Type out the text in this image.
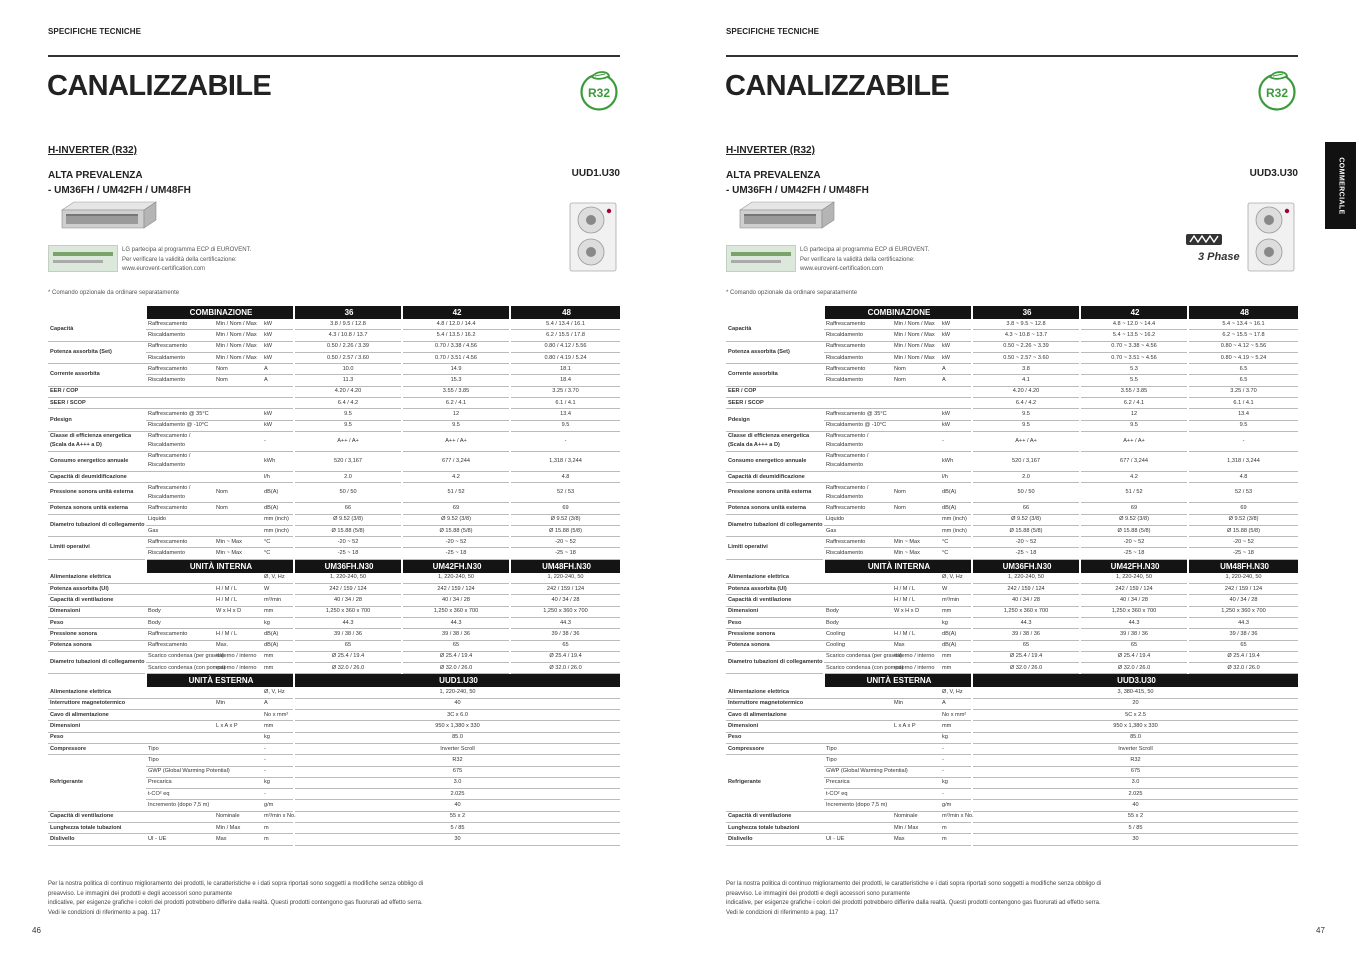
SPECIFICHE TECNICHE
CANALIZZABILE	R32
H-INVERTER (R32)
ALTA PREVALENZA
- UM36FH / UM42FH / UM48FH
UUD1.U30
LG partecipa al programma ECP di EUROVENT.
Per verificare la validità della certificazione:
www.eurovent-certification.com
* Comando opzionale da ordinare separatamente
	COMBINAZIONE			36	42	48
Capacità	Raffrescamento	Min / Nom / Max	kW	3.8 / 9.5 / 12.8	4.8 / 12.0 / 14.4	5.4 / 13.4 / 16.1
	Riscaldamento	Min / Nom / Max	kW	4.3 / 10.8 / 13.7	5.4 / 13.5 / 16.2	6.2 / 15.5 / 17.8
Potenza assorbita (Set)	Raffrescamento	Min / Nom / Max	kW	0.50 / 2.26 / 3.39	0.70 / 3.38 / 4.56	0.80 / 4.12 / 5.56
	Riscaldamento	Min / Nom / Max	kW	0.50 / 2.57 / 3.60	0.70 / 3.51 / 4.56	0.80 / 4.19 / 5.24
Corrente assorbita	Raffrescamento	Nom	A	10.0	14.9	18.1
	Riscaldamento	Nom	A	11.3	15.3	18.4
EER / COP				4.20 / 4.20	3.55 / 3.85	3.25 / 3.70
SEER / SCOP				6.4 / 4.2	6.2 / 4.1	6.1 / 4.1
Pdesign	Raffrescamento @ 35°C		kW	9.5	12	13.4
	Riscaldamento @ -10°C		kW	9.5	9.5	9.5
Classe di efficienza energetica (Scala da A+++ a D)	Raffrescamento / Riscaldamento		-	A++ / A+	A++ / A+	-
Consumo energetico annuale	Raffrescamento / Riscaldamento		kWh	520 / 3,167	677 / 3,244	1,318 / 3,244
Capacità di deumidificazione			l/h	2.0	4.2	4.8
Pressione sonora unità esterna	Raffrescamento / Riscaldamento	Nom	dB(A)	50 / 50	51 / 52	52 / 53
Potenza sonora unità esterna	Raffrescamento	Nom	dB(A)	66	69	69
Diametro tubazioni di collegamento	Liquido		mm (inch)	Ø 9.52 (3/8)	Ø 9.52 (3/8)	Ø 9.52 (3/8)
	Gas		mm (inch)	Ø 15.88 (5/8)	Ø 15.88 (5/8)	Ø 15.88 (5/8)
Limiti operativi	Raffrescamento	Min ~ Max	°C	-20 ~ 52	-20 ~ 52	-20 ~ 52
	Riscaldamento	Min ~ Max	°C	-25 ~ 18	-25 ~ 18	-25 ~ 18
	UNITÀ INTERNA			UM36FH.N30	UM42FH.N30	UM48FH.N30
Alimentazione elettrica			Ø, V, Hz	1, 220-240, 50	1, 220-240, 50	1, 220-240, 50
Potenza assorbita (UI)		H / M / L	W	242 / 159 / 124	242 / 159 / 124	242 / 159 / 124
Capacità di ventilazione		H / M / L	m³/min	40 / 34 / 28	40 / 34 / 28	40 / 34 / 28
Dimensioni	Body	W x H x D	mm	1,250 x 360 x 700	1,250 x 360 x 700	1,250 x 360 x 700
Peso	Body		kg	44.3	44.3	44.3
Pressione sonora	Raffrescamento	H / M / L	dB(A)	39 / 38 / 36	39 / 38 / 36	39 / 38 / 36
Potenza sonora	Raffrescamento	Max.	dB(A)	65	65	65
Diametro tubazioni di collegamento	Scarico condensa (per gravità)	esterno / interno	mm	Ø 25.4 / 19.4	Ø 25.4 / 19.4	Ø 25.4 / 19.4
	Scarico condensa (con pompa)	esterno / interno	mm	Ø 32.0 / 26.0	Ø 32.0 / 26.0	Ø 32.0 / 26.0
	UNITÀ ESTERNA			UUD1.U30		
Alimentazione elettrica			Ø, V, Hz	1, 220-240, 50		
Interruttore magnetotermico		Min	A	40		
Cavo di alimentazione			No x mm²	3C x 6.0		
Dimensioni		L x A x P	mm	950 x 1,380 x 330		
Peso			kg	85.0		
Compressore	Tipo		-	Inverter Scroll		
Refrigerante	Tipo		-	R32		
	GWP (Global Warming Potential)		-	675		
	Precarica		kg	3.0		
	t-CO² eq		-	2.025		
	Incremento (dopo 7,5 m)		g/m	40		
Capacità di ventilazione		Nominale	m³/min x No.	55 x 2		
Lunghezza totale tubazioni		Min / Max	m	5 / 85		
Dislivello	UI - UE	Max	m	30		
Per la nostra politica di continuo miglioramento dei prodotti, le caratteristiche e i dati sopra riportati sono soggetti a modifiche senza obbligo di
preavviso. Le immagini dei prodotti e degli accessori sono puramente
indicative, per esigenze grafiche i colori dei prodotti potrebbero differire dalla realtà. Questi prodotti contengono gas fluorurati ad effetto serra.
Vedi le condizioni di riferimento a pag. 117
46
SPECIFICHE TECNICHE
CANALIZZABILE	R32
H-INVERTER (R32)
ALTA PREVALENZA
- UM36FH / UM42FH / UM48FH
UUD3.U30
LG partecipa al programma ECP di EUROVENT.
Per verificare la validità della certificazione:
www.eurovent-certification.com
* Comando opzionale da ordinare separatamente
	COMBINAZIONE			36	42	48
Capacità	Raffrescamento	Min / Nom / Max	kW	3.8 ~ 9.5 ~ 12.8	4.8 ~ 12.0 ~ 14.4	5.4 ~ 13.4 ~ 16.1
	Riscaldamento	Min / Nom / Max	kW	4.3 ~ 10.8 ~ 13.7	5.4 ~ 13.5 ~ 16.2	6.2 ~ 15.5 ~ 17.8
Potenza assorbita (Set)	Raffrescamento	Min / Nom / Max	kW	0.50 ~ 2.26 ~ 3.39	0.70 ~ 3.38 ~ 4.56	0.80 ~ 4.12 ~ 5.56
	Riscaldamento	Min / Nom / Max	kW	0.50 ~ 2.57 ~ 3.60	0.70 ~ 3.51 ~ 4.56	0.80 ~ 4.19 ~ 5.24
Corrente assorbita	Raffrescamento	Nom	A	3.8	5.3	6.5
	Riscaldamento	Nom	A	4.1	5.5	6.5
EER / COP				4.20 / 4.20	3.55 / 3.85	3.25 / 3.70
SEER / SCOP				6.4 / 4.2	6.2 / 4.1	6.1 / 4.1
Pdesign	Raffrescamento @ 35°C		kW	9.5	12	13.4
	Riscaldamento @ -10°C		kW	9.5	9.5	9.5
Classe di efficienza energetica (Scala da A+++ a D)	Raffrescamento / Riscaldamento		-	A++ / A+	A++ / A+	-
Consumo energetico annuale	Raffrescamento / Riscaldamento		kWh	520 / 3,167	677 / 3,244	1,318 / 3,244
Capacità di deumidificazione			l/h	2.0	4.2	4.8
Pressione sonora unità esterna	Raffrescamento / Riscaldamento	Nom	dB(A)	50 / 50	51 / 52	52 / 53
Potenza sonora unità esterna	Raffrescamento	Nom	dB(A)	66	69	69
Diametro tubazioni di collegamento	Liquido		mm (inch)	Ø 9.52 (3/8)	Ø 9.52 (3/8)	Ø 9.52 (3/8)
	Gas		mm (inch)	Ø 15.88 (5/8)	Ø 15.88 (5/8)	Ø 15.88 (5/8)
Limiti operativi	Raffrescamento	Min ~ Max	°C	-20 ~ 52	-20 ~ 52	-20 ~ 52
	Riscaldamento	Min ~ Max	°C	-25 ~ 18	-25 ~ 18	-25 ~ 18
	UNITÀ INTERNA			UM36FH.N30	UM42FH.N30	UM48FH.N30
Alimentazione elettrica			Ø, V, Hz	1, 220-240, 50	1, 220-240, 50	1, 220-240, 50
Potenza assorbita (UI)		H / M / L	W	242 / 159 / 124	242 / 159 / 124	242 / 159 / 124
Capacità di ventilazione		H / M / L	m³/min	40 / 34 / 28	40 / 34 / 28	40 / 34 / 28
Dimensioni	Body	W x H x D	mm	1,250 x 360 x 700	1,250 x 360 x 700	1,250 x 360 x 700
Peso	Body		kg	44.3	44.3	44.3
Pressione sonora	Cooling	H / M / L	dB(A)	39 / 38 / 36	39 / 38 / 36	39 / 38 / 36
Potenza sonora	Cooling	Max	dB(A)	65	65	65
Diametro tubazioni di collegamento	Scarico condensa (per gravità)	esterno / interno	mm	Ø 25.4 / 19.4	Ø 25.4 / 19.4	Ø 25.4 / 19.4
	Scarico condensa (con pompa)	esterno / interno	mm	Ø 32.0 / 26.0	Ø 32.0 / 26.0	Ø 32.0 / 26.0
	UNITÀ ESTERNA			UUD3.U30		
Alimentazione elettrica			Ø, V, Hz	3, 380-415, 50		
Interruttore magnetotermico		Min	A	20		
Cavo di alimentazione			No x mm²	5C x 2.5		
Dimensioni		L x A x P	mm	950 x 1,380 x 330		
Peso			kg	85.0		
Compressore	Tipo		-	Inverter Scroll		
Refrigerante	Tipo		-	R32		
	GWP (Global Warming Potential)		-	675		
	Precarica		kg	3.0		
	t-CO² eq		-	2.025		
	Incremento (dopo 7,5 m)		g/m	40		
Capacità di ventilazione		Nominale	m³/min x No.	55 x 2		
Lunghezza totale tubazioni		Min / Max	m	5 / 85		
Dislivello	UI - UE	Max	m	30		
Per la nostra politica di continuo miglioramento dei prodotti, le caratteristiche e i dati sopra riportati sono soggetti a modifiche senza obbligo di
preavviso. Le immagini dei prodotti e degli accessori sono puramente
indicative, per esigenze grafiche i colori dei prodotti potrebbero differire dalla realtà. Questi prodotti contengono gas fluorurati ad effetto serra.
Vedi le condizioni di riferimento a pag. 117
47
3 Phase
COMMERCIALE
